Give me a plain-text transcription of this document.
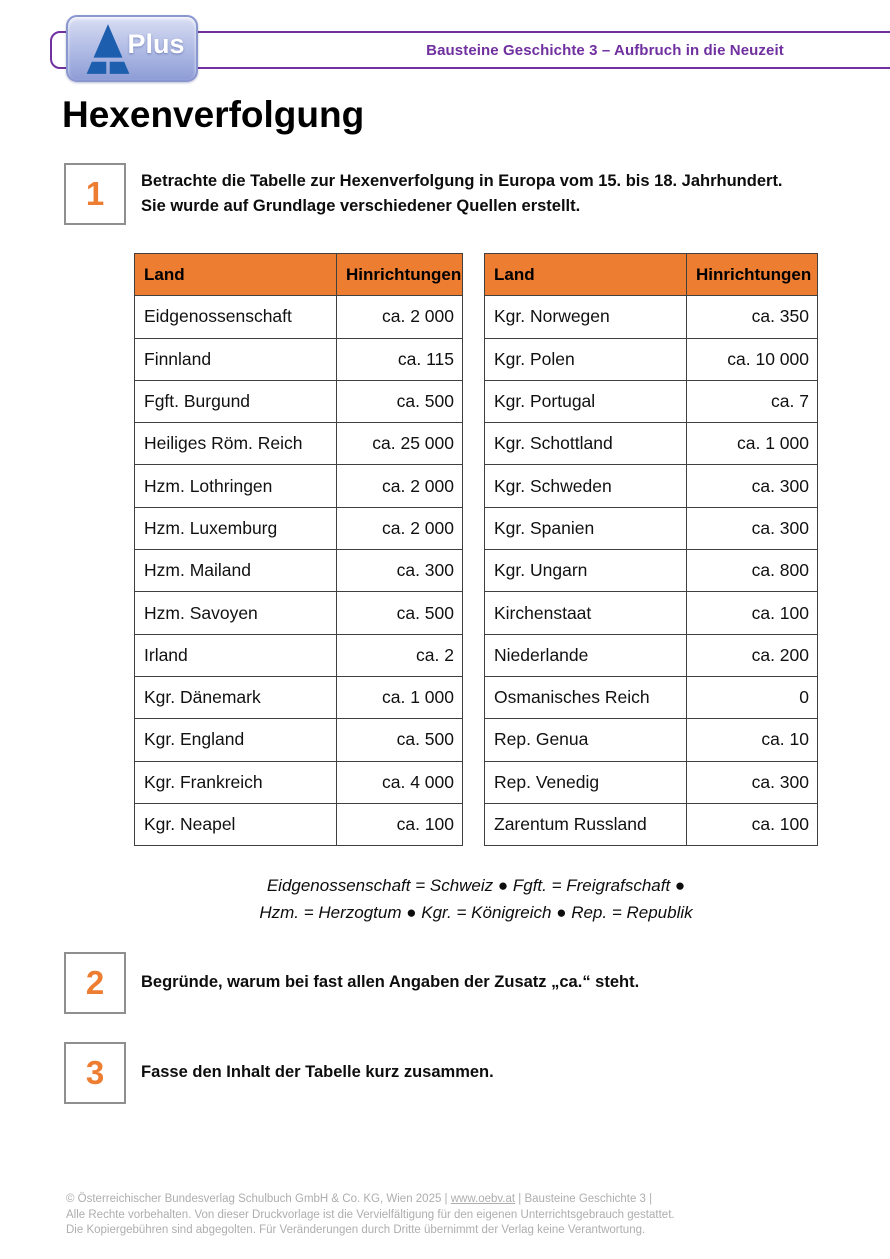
Bausteine Geschichte 3 – Aufbruch in die Neuzeit
Plus
Hexenverfolgung
1	Betrachte die Tabelle zur Hexenverfolgung in Europa vom 15. bis 18. Jahrhundert.
Sie wurde auf Grundlage verschiedener Quellen erstellt.
Land	Hinrichtungen
Eidgenossenschaft	ca. 2 000
Finnland	ca. 115
Fgft. Burgund	ca. 500
Heiliges Röm. Reich	ca. 25 000
Hzm. Lothringen	ca. 2 000
Hzm. Luxemburg	ca. 2 000
Hzm. Mailand	ca. 300
Hzm. Savoyen	ca. 500
Irland	ca. 2
Kgr. Dänemark	ca. 1 000
Kgr. England	ca. 500
Kgr. Frankreich	ca. 4 000
Kgr. Neapel	ca. 100
Land	Hinrichtungen
Kgr. Norwegen	ca. 350
Kgr. Polen	ca. 10 000
Kgr. Portugal	ca. 7
Kgr. Schottland	ca. 1 000
Kgr. Schweden	ca. 300
Kgr. Spanien	ca. 300
Kgr. Ungarn	ca. 800
Kirchenstaat	ca. 100
Niederlande	ca. 200
Osmanisches Reich	0
Rep. Genua	ca. 10
Rep. Venedig	ca. 300
Zarentum Russland	ca. 100
Eidgenossenschaft = Schweiz ● Fgft. = Freigrafschaft ●
Hzm. = Herzogtum ● Kgr. = Königreich ● Rep. = Republik
2	Begründe, warum bei fast allen Angaben der Zusatz „ca.“ steht.
3	Fasse den Inhalt der Tabelle kurz zusammen.
© Österreichischer Bundesverlag Schulbuch GmbH & Co. KG, Wien 2025 | www.oebv.at | Bausteine Geschichte 3 |
Alle Rechte vorbehalten. Von dieser Druckvorlage ist die Vervielfältigung für den eigenen Unterrichtsgebrauch gestattet.
Die Kopiergebühren sind abgegolten. Für Veränderungen durch Dritte übernimmt der Verlag keine Verantwortung.
